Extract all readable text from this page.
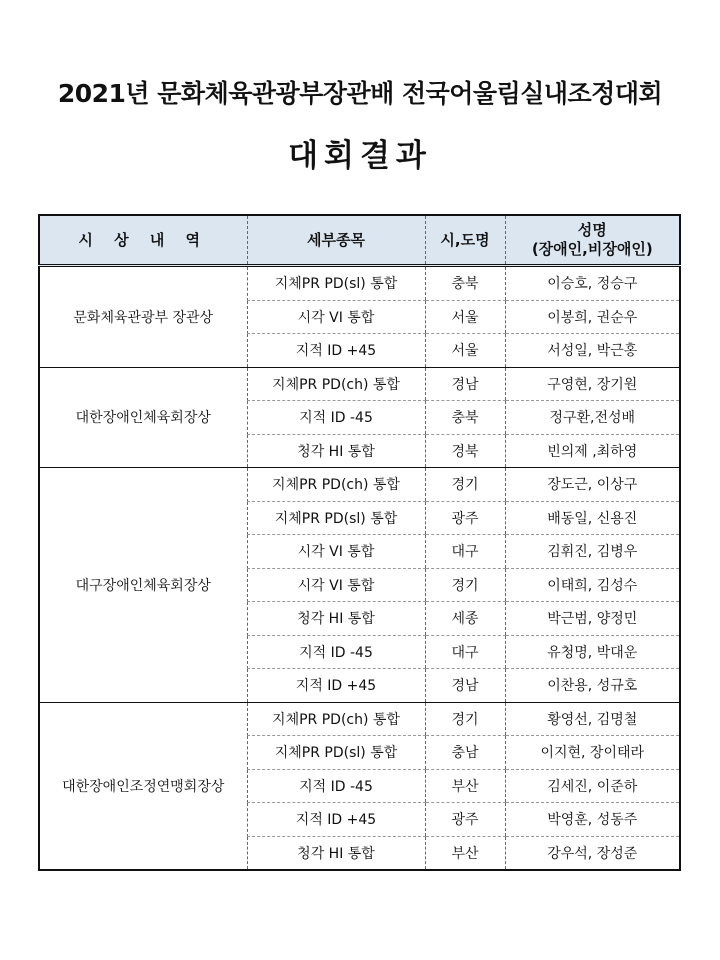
2021년 문화체육관광부장관배 전국어울림실내조정대회
대회결과
시 상 내 역	세부종목	시,도명	성명
(장애인,비장애인)

문화체육관광부 장관상	지체PR PD(sl) 통합	충북	이승호, 정승구
	시각 VI 통합	서울	이봉희, 권순우
	지적 ID +45	서울	서성일, 박근홍
대한장애인체육회장상	지체PR PD(ch) 통합	경남	구영현, 장기원
	지적 ID -45	충북	정구환,전성배
	청각 HI 통합	경북	빈의제 ,최하영
대구장애인체육회장상	지체PR PD(ch) 통합	경기	장도근, 이상구
	지체PR PD(sl) 통합	광주	배동일, 신용진
	시각 VI 통합	대구	김휘진, 김병우
	시각 VI 통합	경기	이태희, 김성수
	청각 HI 통합	세종	박근범, 양정민
	지적 ID -45	대구	유청명, 박대운
	지적 ID +45	경남	이찬용, 성규호
대한장애인조정연맹회장상	지체PR PD(ch) 통합	경기	황영선, 김명철
	지체PR PD(sl) 통합	충남	이지현, 장이태라
	지적 ID -45	부산	김세진, 이준하
	지적 ID +45	광주	박영훈, 성동주
	청각 HI 통합	부산	강우석, 장성준
